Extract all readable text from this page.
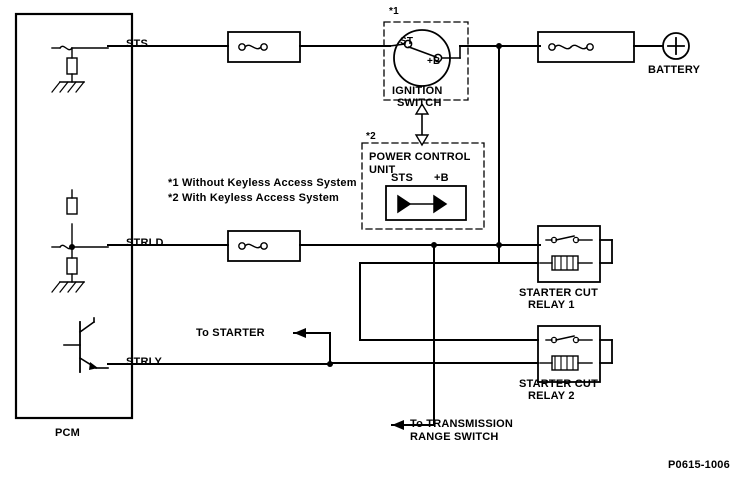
STS
STRLD
STRLY
PCM
*1
ST
+B
IGNITION
SWITCH
*2
POWER CONTROL
UNIT
STS +B
*1 Without Keyless Access System
*2 With Keyless Access System
STARTER CUT
RELAY 1
STARTER CUT
RELAY 2
BATTERY
To STARTER
To TRANSMISSION
RANGE SWITCH
P0615-1006
